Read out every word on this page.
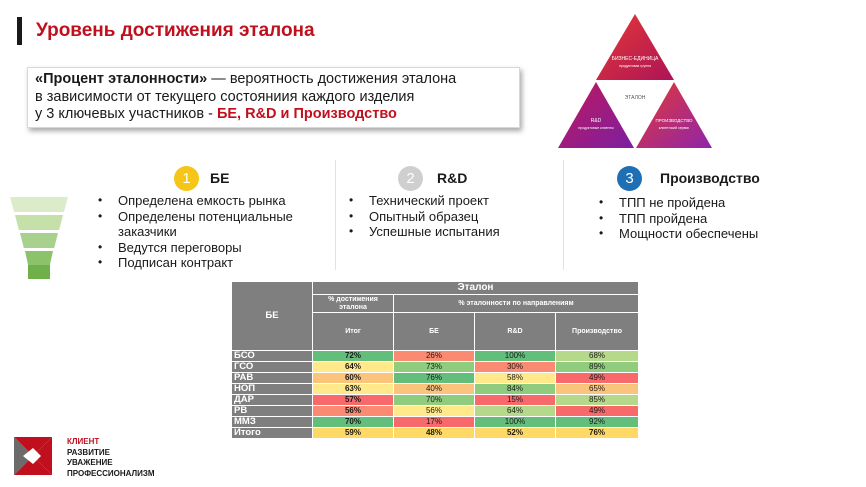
Уровень достижения эталона

«Процент эталонности» — вероятность достижения эталона

в зависимости от текущего состояниия каждого изделия

у 3 ключевых участников - БЕ, R&D и Производство

БИЗНЕС-ЕДИНИЦА
продуктовая группа
ЭТАЛОН
R&D
продуктовые клиенты
ПРОИЗВОДСТВО
клиентский сервис
1	БЕ
• Определена емкость рынка
• Определены потенциальные заказчики
• Ведутся переговоры
• Подписан контракт
2	R&D
• Технический проект
• Опытный образец
• Успешные испытания
3	Производство
• ТПП не пройдена
• ТПП пройдена
• Мощности обеспечены
БЕ	Эталон			
	% достижения эталона	% эталонности по направлениям		
	Итог	БЕ	R&D	Производство
БСО	72%	26%	100%	68%
ГСО	64%	73%	30%	89%
РАВ	60%	76%	58%	49%
НОП	63%	40%	84%	65%
ДАР	57%	70%	15%	85%
РВ	56%	56%	64%	49%
ММЗ	70%	17%	100%	92%
Итого	59%	48%	52%	76%
КЛИЕНТ
РАЗВИТИЕ
УВАЖЕНИЕ
ПРОФЕССИОНАЛИЗМ
